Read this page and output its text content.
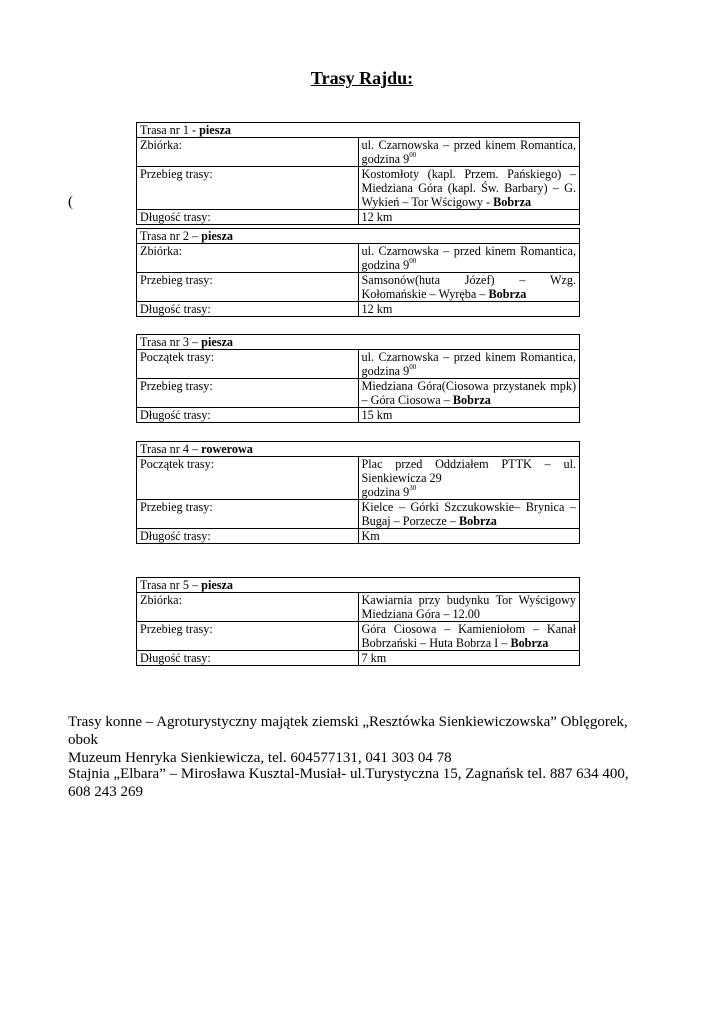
Trasy Rajdu:
Trasa nr 1 - piesza	
Zbiórka:	ul. Czarnowska – przed kinem Romantica, godzina $9^{00}$
Przebieg trasy:	Kostomłoty (kapl. Przem. Pańskiego) – Miedziana Góra (kapl. Św. Barbary) – G. Wykień – Tor Wścigowy - Bobrza
Długość trasy:	12 km
(
Trasa nr 2 – piesza	
Zbiórka:	ul. Czarnowska – przed kinem Romantica, godzina $9^{00}$
Przebieg trasy:	Samsonów(huta Józef) – Wzg. Kołomańskie – Wyręba – Bobrza
Długość trasy:	12 km
Trasa nr 3 – piesza	
Początek trasy:	ul. Czarnowska – przed kinem Romantica, godzina $9^{00}$
Przebieg trasy:	Miedziana Góra(Ciosowa przystanek mpk) – Góra Ciosowa – Bobrza
Długość trasy:	15 km
Trasa nr 4 – rowerowa	
Początek trasy:	Plac przed Oddziałem PTTK – ul. Sienkiewicza 29
godzina $9^{30}$
Przebieg trasy:	Kielce – Górki Szczukowskie– Brynica – Bugaj – Porzecze – Bobrza
Długość trasy:	Km
Trasa nr 5 – piesza	
Zbiórka:	Kawiarnia przy budynku Tor Wyścigowy Miedziana Góra – 12.00
Przebieg trasy:	Góra Ciosowa – Kamieniołom – Kanał Bobrzański – Huta Bobrza I – Bobrza
Długość trasy:	7 km
Trasy konne – Agroturystyczny majątek ziemski „Resztówka Sienkiewiczowska” Oblęgorek, obok
Muzeum Henryka Sienkiewicza, tel. 604577131, 041 303 04 78
Stajnia „Elbara” – Mirosława Kusztal-Musiał- ul.Turystyczna 15, Zagnańsk tel. 887 634 400,
608 243 269
